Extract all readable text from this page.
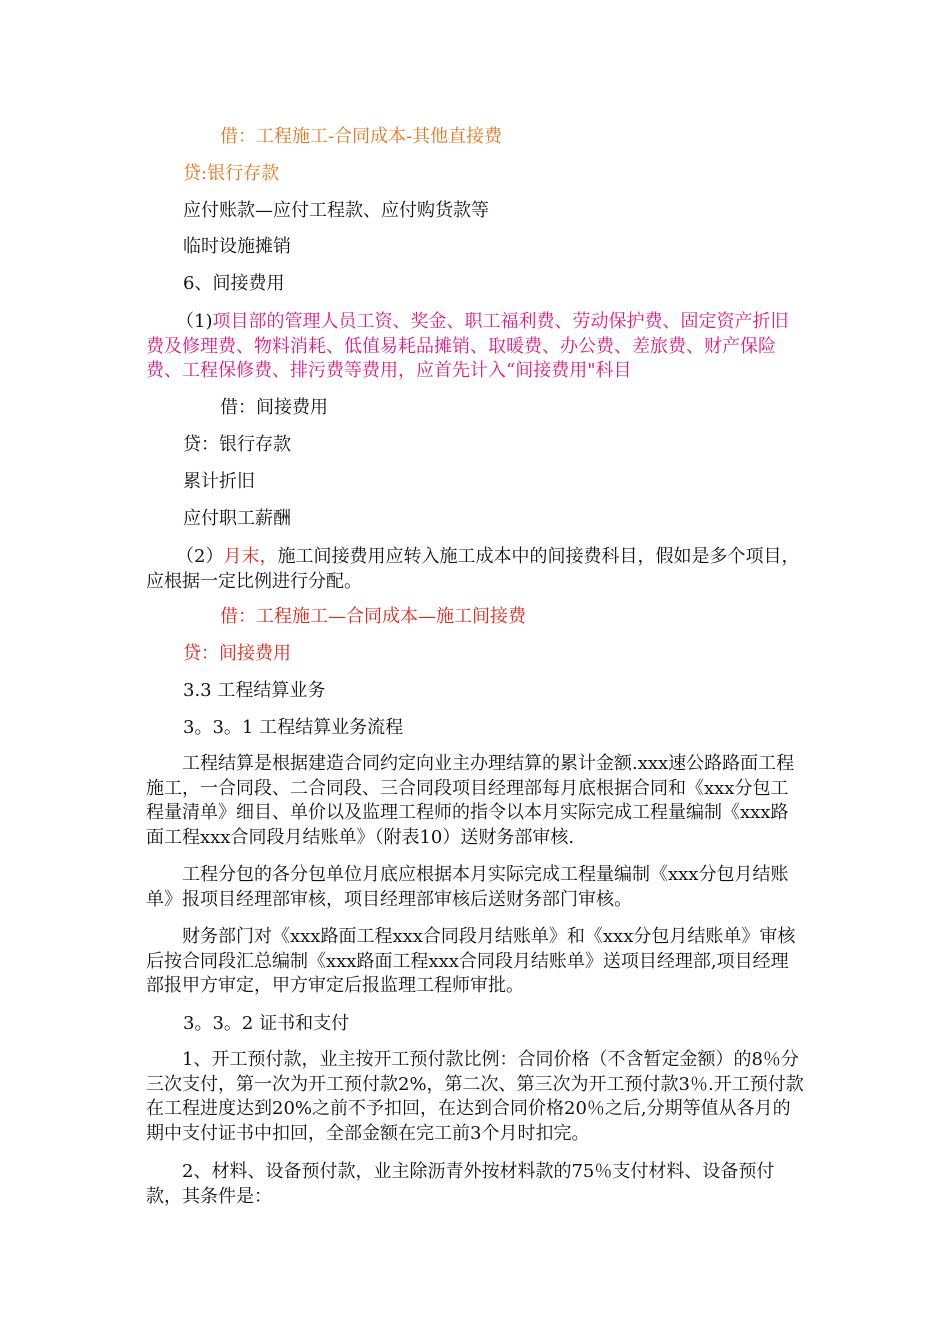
借：工程施工-合同成本-其他直接费

贷:银行存款

应付账款—应付工程款、应付购货款等

临时设施摊销

6、间接费用

（1)项目部的管理人员工资、奖金、职工福利费、劳动保护费、固定资产折旧费及修理费、物料消耗、低值易耗品摊销、取暖费、办公费、差旅费、财产保险费、工程保修费、排污费等费用，应首先计入“间接费用"科目

借：间接费用

贷：银行存款

累计折旧

应付职工薪酬

（2）月末，施工间接费用应转入施工成本中的间接费科目，假如是多个项目，应根据一定比例进行分配。

借：工程施工—合同成本—施工间接费

贷：间接费用

3.3 工程结算业务

3。3。1 工程结算业务流程

工程结算是根据建造合同约定向业主办理结算的累计金额.xxx速公路路面工程施工，一合同段、二合同段、三合同段项目经理部每月底根据合同和《xxx分包工程量清单》细目、单价以及监理工程师的指令以本月实际完成工程量编制《xxx路面工程xxx合同段月结账单》（附表10）送财务部审核.

工程分包的各分包单位月底应根据本月实际完成工程量编制《xxx分包月结账单》报项目经理部审核，项目经理部审核后送财务部门审核。

财务部门对《xxx路面工程xxx合同段月结账单》和《xxx分包月结账单》审核后按合同段汇总编制《xxx路面工程xxx合同段月结账单》送项目经理部,项目经理部报甲方审定，甲方审定后报监理工程师审批。

3。3。2 证书和支付

1、开工预付款，业主按开工预付款比例：合同价格（不含暂定金额）的8％分三次支付，第一次为开工预付款2%，第二次、第三次为开工预付款3％.开工预付款在工程进度达到20%之前不予扣回，在达到合同价格20％之后,分期等值从各月的期中支付证书中扣回，全部金额在完工前3个月时扣完。

2、材料、设备预付款，业主除沥青外按材料款的75％支付材料、设备预付款，其条件是：
